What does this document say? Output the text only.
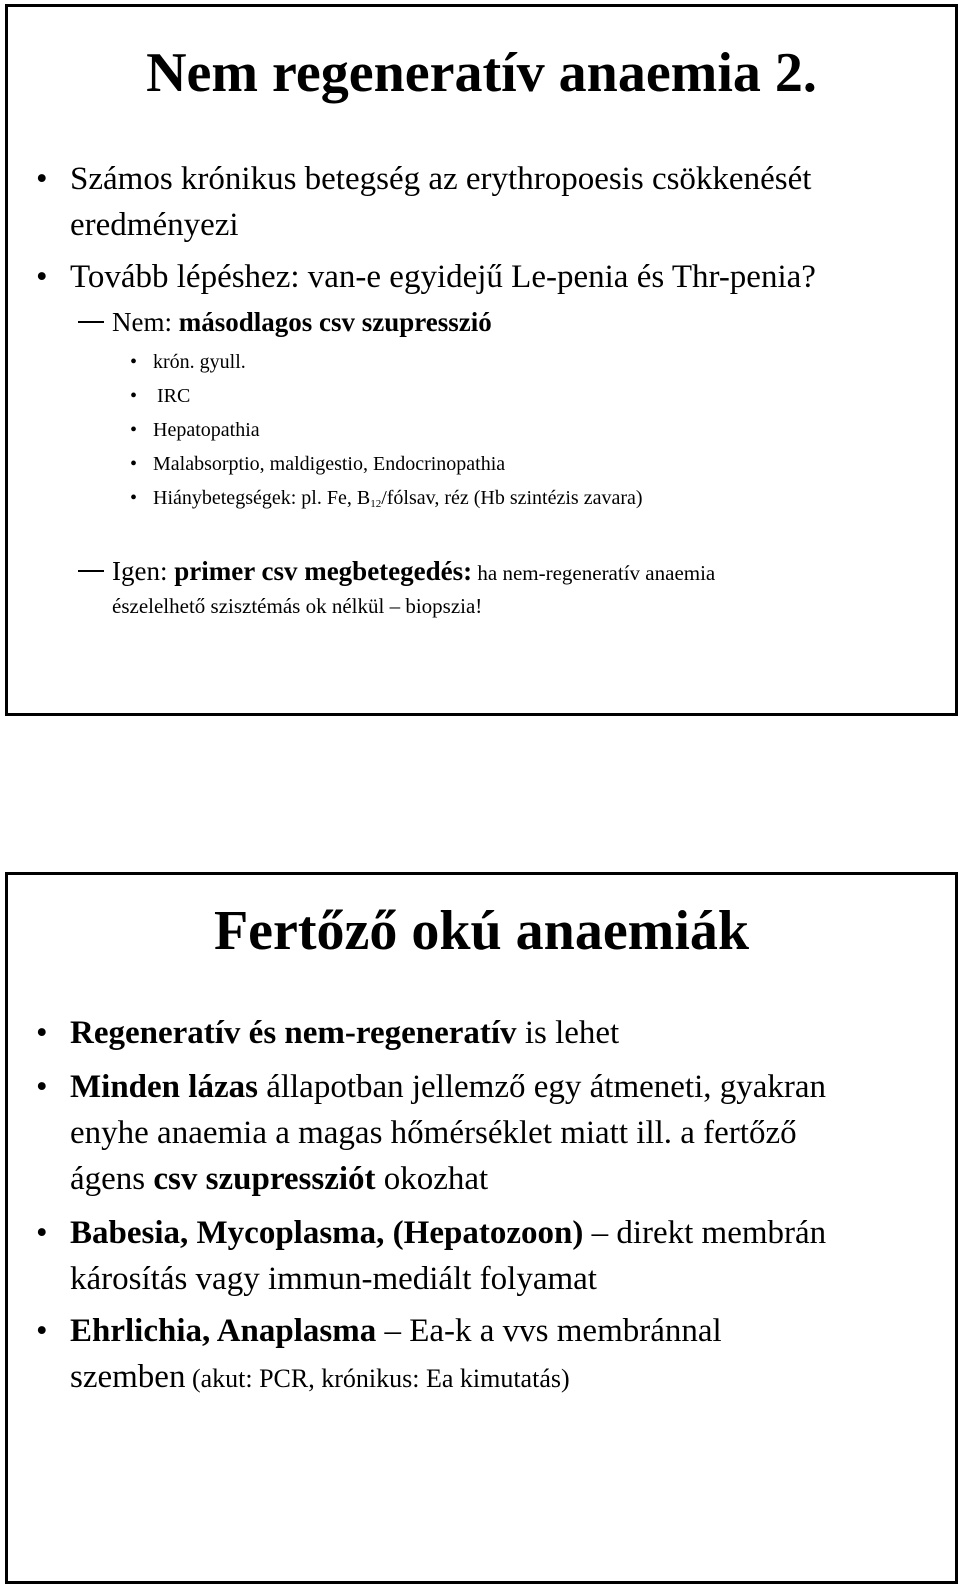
Nem regeneratív anaemia 2.
• Számos krónikus betegség az erythropoesis csökkenését
eredményezi
• Tovább lépéshez: van-e egyidejű Le-penia és Thr-penia?
Nem: másodlagos csv szupresszió
• krón. gyull.
• IRC
• Hepatopathia
• Malabsorptio, maldigestio, Endocrinopathia
• Hiánybetegségek: pl. Fe, $B_{12}$/fólsav, réz (Hb szintézis zavara)
Igen: primer csv megbetegedés: ha nem-regeneratív anaemia
észelelhető szisztémás ok nélkül – biopszia!
Fertőző okú anaemiák
• Regeneratív és nem-regeneratív is lehet
• Minden lázas állapotban jellemző egy átmeneti, gyakran
enyhe anaemia a magas hőmérséklet miatt ill. a fertőző
ágens csv szupressziót okozhat
• Babesia, Mycoplasma, (Hepatozoon) – direkt membrán
károsítás vagy immun-mediált folyamat
• Ehrlichia, Anaplasma – Ea-k a vvs membránnal
szemben (akut: PCR, krónikus: Ea kimutatás)
